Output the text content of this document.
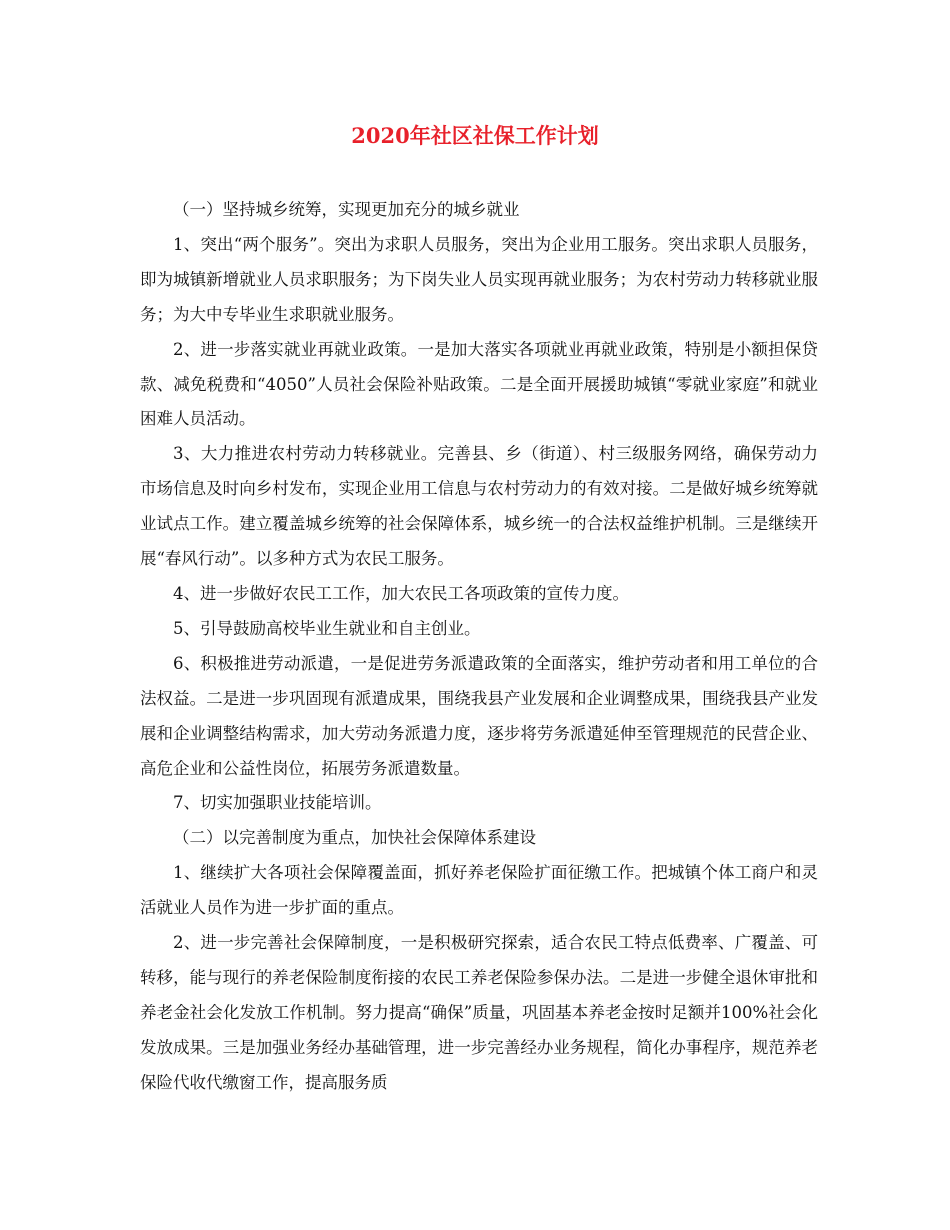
2020年社区社保工作计划

（一）坚持城乡统筹，实现更加充分的城乡就业

1、突出“两个服务”。突出为求职人员服务，突出为企业用工服务。突出求职人员服务，即为城镇新增就业人员求职服务；为下岗失业人员实现再就业服务；为农村劳动力转移就业服务；为大中专毕业生求职就业服务。

2、进一步落实就业再就业政策。一是加大落实各项就业再就业政策，特别是小额担保贷款、减免税费和“4050”人员社会保险补贴政策。二是全面开展援助城镇“零就业家庭”和就业困难人员活动。

3、大力推进农村劳动力转移就业。完善县、乡（街道）、村三级服务网络，确保劳动力市场信息及时向乡村发布，实现企业用工信息与农村劳动力的有效对接。二是做好城乡统筹就业试点工作。建立覆盖城乡统筹的社会保障体系，城乡统一的合法权益维护机制。三是继续开展“春风行动”。以多种方式为农民工服务。

4、进一步做好农民工工作，加大农民工各项政策的宣传力度。

5、引导鼓励高校毕业生就业和自主创业。

6、积极推进劳动派遣，一是促进劳务派遣政策的全面落实，维护劳动者和用工单位的合法权益。二是进一步巩固现有派遣成果，围绕我县产业发展和企业调整成果，围绕我县产业发展和企业调整结构需求，加大劳动务派遣力度，逐步将劳务派遣延伸至管理规范的民营企业、高危企业和公益性岗位，拓展劳务派遣数量。

7、切实加强职业技能培训。

（二）以完善制度为重点，加快社会保障体系建设

1、继续扩大各项社会保障覆盖面，抓好养老保险扩面征缴工作。把城镇个体工商户和灵活就业人员作为进一步扩面的重点。

2、进一步完善社会保障制度，一是积极研究探索，适合农民工特点低费率、广覆盖、可转移，能与现行的养老保险制度衔接的农民工养老保险参保办法。二是进一步健全退休审批和养老金社会化发放工作机制。努力提高“确保”质量，巩固基本养老金按时足额并100%社会化发放成果。三是加强业务经办基础管理，进一步完善经办业务规程，简化办事程序，规范养老保险代收代缴窗工作，提高服务质
